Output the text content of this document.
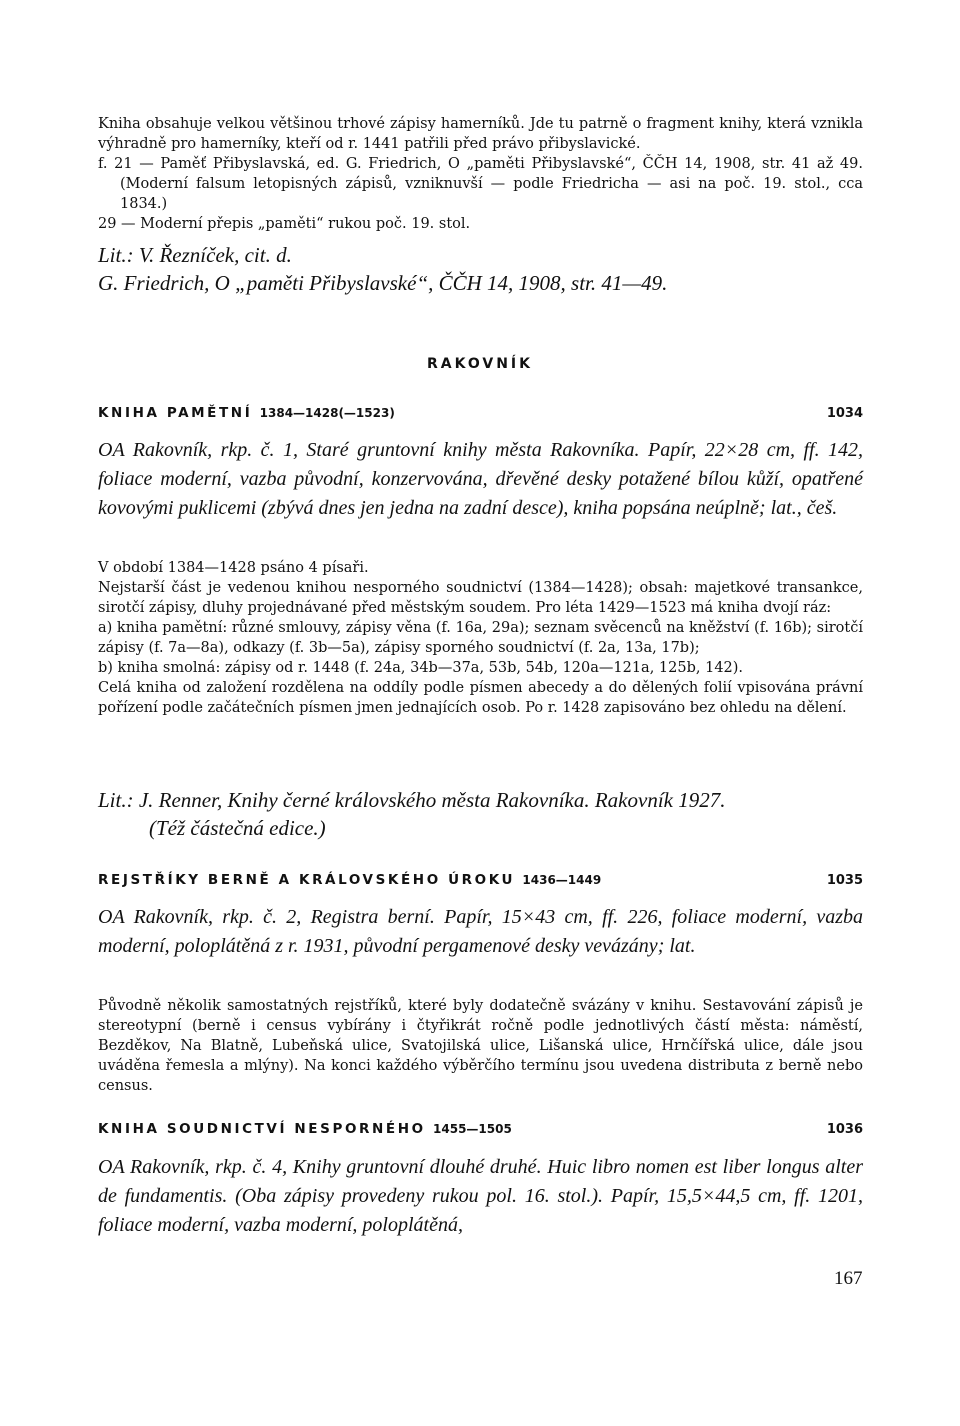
Kniha obsahuje velkou většinou trhové zápisy hamerníků. Jde tu patrně o fragment knihy, která vznikla výhradně pro hamerníky, kteří od r. 1441 patřili před právo přibyslavické.

f. 21 — Paměť Přibyslavská, ed. G. Friedrich, O „paměti Přibyslavské“, ČČH 14, 1908, str. 41 až 49. (Moderní falsum letopisných zápisů, vzniknuvší — podle Friedricha — asi na poč. 19. stol., cca 1834.)

29 — Moderní přepis „paměti“ rukou poč. 19. stol.

Lit.: V. Řezníček, cit. d.

G. Friedrich, O „paměti Přibyslavské“, ČČH 14, 1908, str. 41—49.

RAKOVNÍK
KNIHA PAMĚTNÍ 1384—1428(—1523)	1034
OA Rakovník, rkp. č. 1, Staré gruntovní knihy města Rakovníka. Papír, 22×28 cm, ff. 142, foliace moderní, vazba původní, konzervována, dřevěné desky potažené bílou kůží, opatřené kovovými puklicemi (zbývá dnes jen jedna na zadní desce), kniha popsána neúplně; lat., češ.

V období 1384—1428 psáno 4 písaři.

Nejstarší část je vedenou knihou nesporného soudnictví (1384—1428); obsah: majetkové transankce, sirotčí zápisy, dluhy projednávané před městským soudem. Pro léta 1429—1523 má kniha dvojí ráz:

a) kniha pamětní: různé smlouvy, zápisy věna (f. 16a, 29a); seznam svěcenců na kněžství (f. 16b); sirotčí zápisy (f. 7a—8a), odkazy (f. 3b—5a), zápisy sporného soudnictví (f. 2a, 13a, 17b);

b) kniha smolná: zápisy od r. 1448 (f. 24a, 34b—37a, 53b, 54b, 120a—121a, 125b, 142).

Celá kniha od založení rozdělena na oddíly podle písmen abecedy a do dělených folií vpisována právní pořízení podle začátečních písmen jmen jednajících osob. Po r. 1428 zapisováno bez ohledu na dělení.

Lit.: J. Renner, Knihy černé královského města Rakovníka. Rakovník 1927.

(Též částečná edice.)

REJSTŘÍKY BERNĚ A KRÁLOVSKÉHO ÚROKU 1436—1449	1035
OA Rakovník, rkp. č. 2, Registra berní. Papír, 15×43 cm, ff. 226, foliace moderní, vazba moderní, poloplátěná z r. 1931, původní pergamenové desky vevázány; lat.

Původně několik samostatných rejstříků, které byly dodatečně svázány v knihu. Sestavování zápisů je stereotypní (berně i census vybírány i čtyřikrát ročně podle jednotlivých částí města: náměstí, Bezděkov, Na Blatně, Lubeňská ulice, Svatojilská ulice, Lišanská ulice, Hrnčířská ulice, dále jsou uváděna řemesla a mlýny). Na konci každého výběrčího termínu jsou uvedena distributa z berně nebo census.

KNIHA SOUDNICTVÍ NESPORNÉHO 1455—1505	1036
OA Rakovník, rkp. č. 4, Knihy gruntovní dlouhé druhé. Huic libro nomen est liber longus alter de fundamentis. (Oba zápisy provedeny rukou pol. 16. stol.). Papír, 15,5×44,5 cm, ff. 1201, foliace moderní, vazba moderní, poloplátěná,
167
